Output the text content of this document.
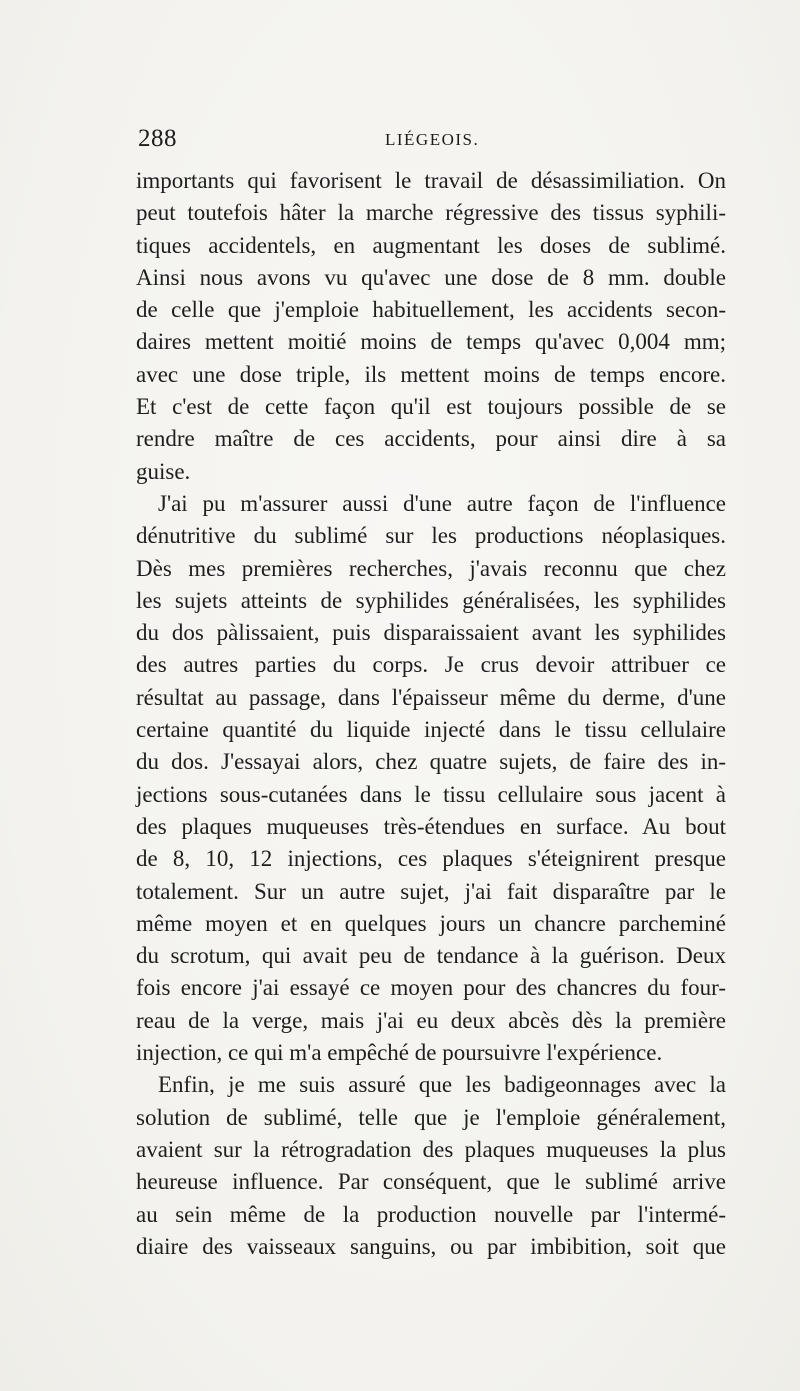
288	LIÉGEOIS.
importants qui favorisent le travail de désassimiliation. On
peut toutefois hâter la marche régressive des tissus syphili-
tiques accidentels, en augmentant les doses de sublimé.
Ainsi nous avons vu qu'avec une dose de 8 mm. double
de celle que j'emploie habituellement, les accidents secon-
daires mettent moitié moins de temps qu'avec 0,004 mm;
avec une dose triple, ils mettent moins de temps encore.
Et c'est de cette façon qu'il est toujours possible de se
rendre maître de ces accidents, pour ainsi dire à sa
guise.
J'ai pu m'assurer aussi d'une autre façon de l'influence
dénutritive du sublimé sur les productions néoplasiques.
Dès mes premières recherches, j'avais reconnu que chez
les sujets atteints de syphilides généralisées, les syphilides
du dos pàlissaient, puis disparaissaient avant les syphilides
des autres parties du corps. Je crus devoir attribuer ce
résultat au passage, dans l'épaisseur même du derme, d'une
certaine quantité du liquide injecté dans le tissu cellulaire
du dos. J'essayai alors, chez quatre sujets, de faire des in-
jections sous-cutanées dans le tissu cellulaire sous jacent à
des plaques muqueuses très-étendues en surface. Au bout
de 8, 10, 12 injections, ces plaques s'éteignirent presque
totalement. Sur un autre sujet, j'ai fait disparaître par le
même moyen et en quelques jours un chancre parcheminé
du scrotum, qui avait peu de tendance à la guérison. Deux
fois encore j'ai essayé ce moyen pour des chancres du four-
reau de la verge, mais j'ai eu deux abcès dès la première
injection, ce qui m'a empêché de poursuivre l'expérience.
Enfin, je me suis assuré que les badigeonnages avec la
solution de sublimé, telle que je l'emploie généralement,
avaient sur la rétrogradation des plaques muqueuses la plus
heureuse influence. Par conséquent, que le sublimé arrive
au sein même de la production nouvelle par l'intermé-
diaire des vaisseaux sanguins, ou par imbibition, soit que
